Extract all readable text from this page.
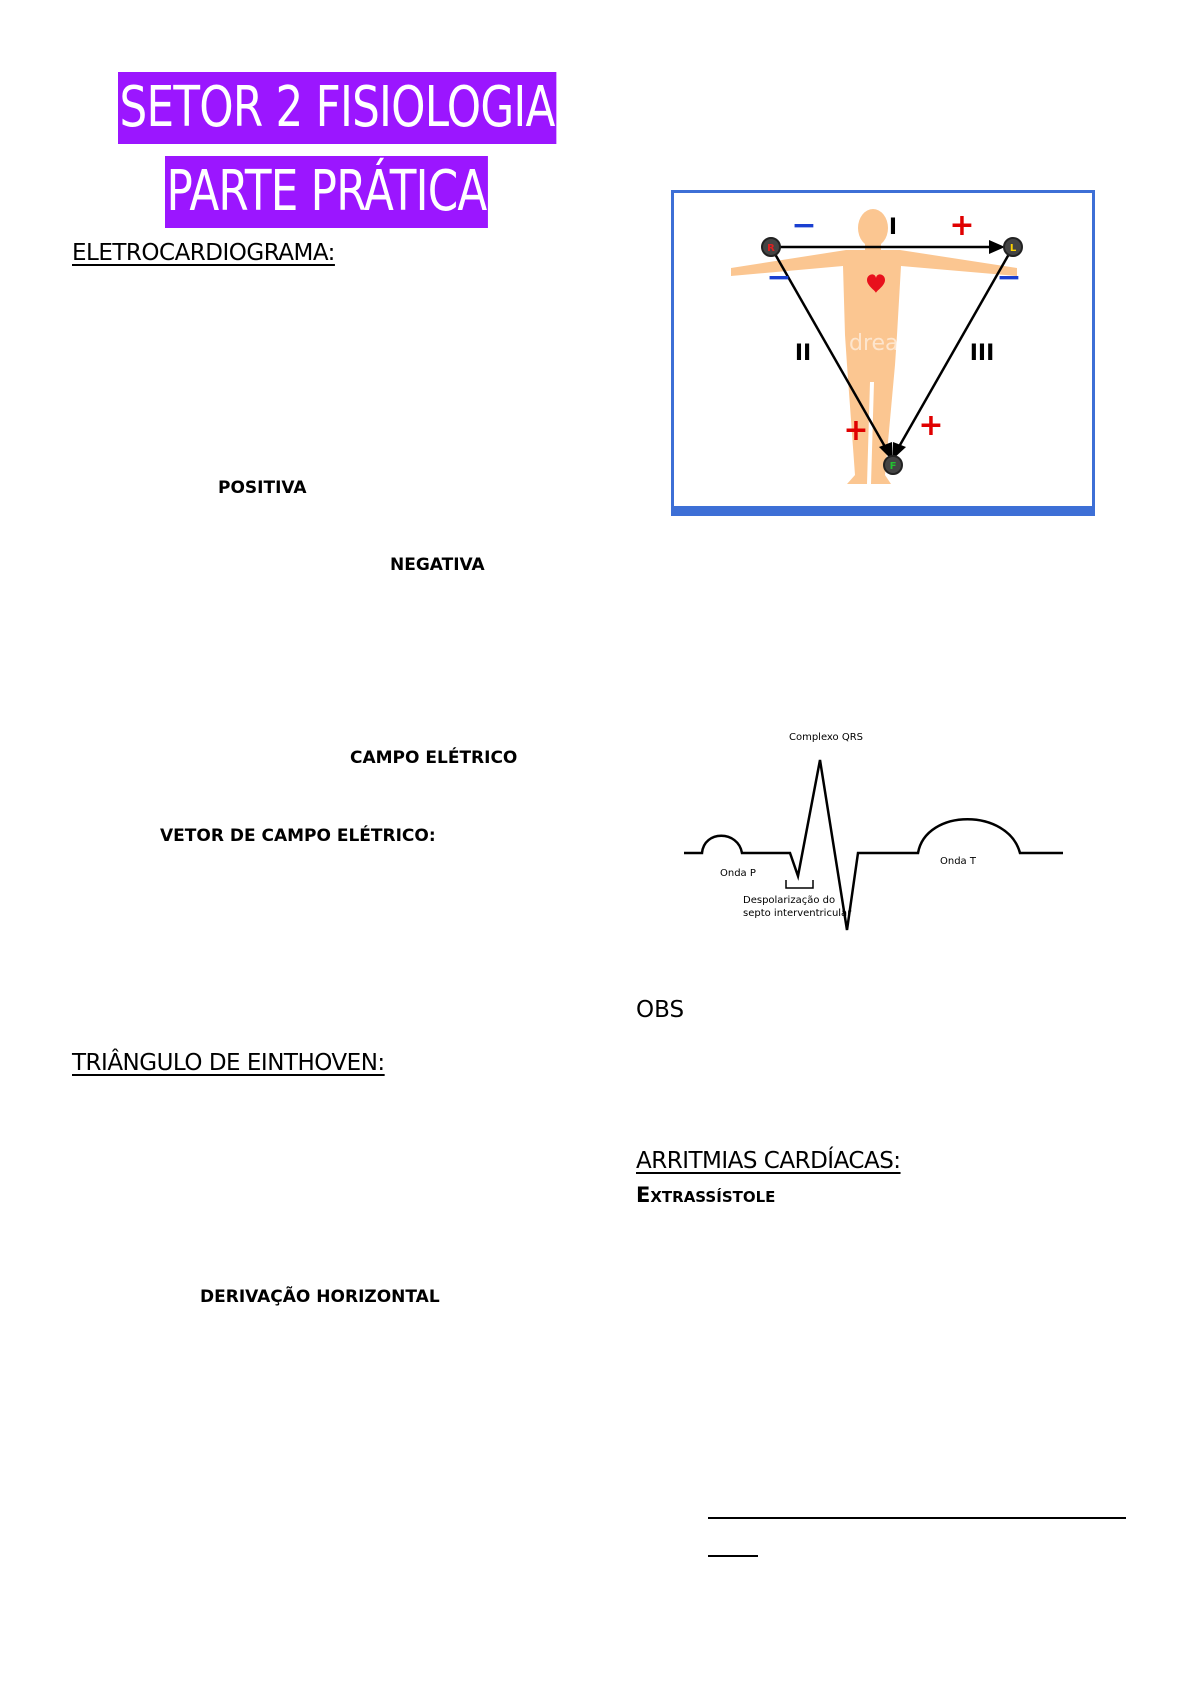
SETOR 2 FISIOLOGIA
PARTE PRÁTICA
ELETROCARDIOGRAMA:
POSITIVA
NEGATIVA
CAMPO ELÉTRICO
VETOR DE CAMPO ELÉTRICO:
TRIÂNGULO DE EINTHOVEN:
DERIVAÇÃO HORIZONTAL
dreamstime
R	L
F
I
II	III
−	+
−	−
+ +
Complexo QRS
Onda P
Onda T
Despolarização do
septo interventricular
OBS
ARRITMIAS CARDÍACAS:
Extrassístole
